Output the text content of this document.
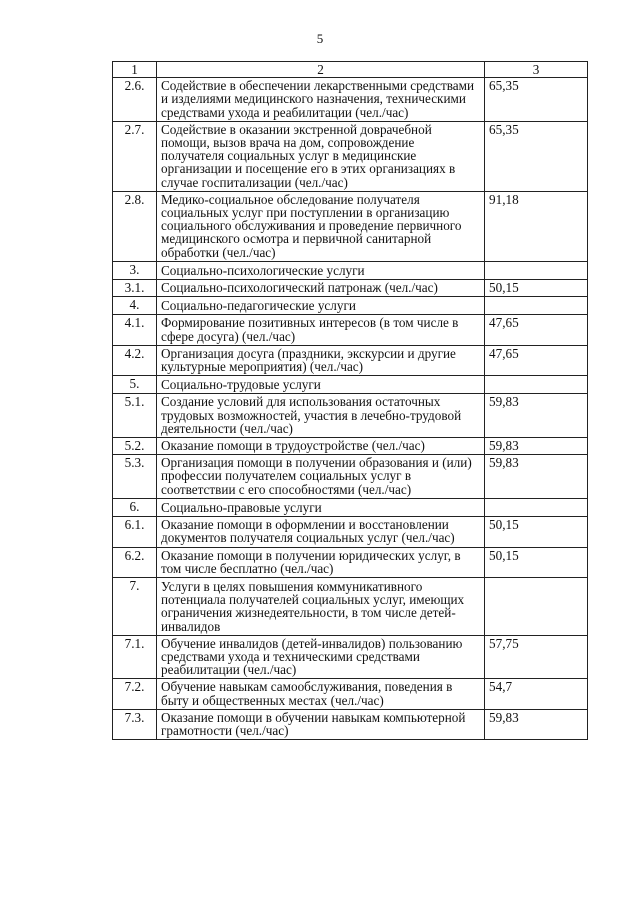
5
1	2	3
2.6.	Содействие в обеспечении лекарственными средствами и изделиями медицинского назначения, техническими средствами ухода и реабилитации (чел./час)	65,35
2.7.	Содействие в оказании экстренной доврачебной помощи, вызов врача на дом, сопровождение получателя социальных услуг в медицинские организации и посещение его в этих организациях в случае госпитализации (чел./час)	65,35
2.8.	Медико-социальное обследование получателя социальных услуг при поступлении в организацию социального обслуживания и проведение первичного медицинского осмотра и первичной санитарной обработки (чел./час)	91,18
3.	Социально-психологические услуги	
3.1.	Социально-психологический патронаж (чел./час)	50,15
4.	Социально-педагогические услуги	
4.1.	Формирование позитивных интересов (в том числе в сфере досуга) (чел./час)	47,65
4.2.	Организация досуга (праздники, экскурсии и другие культурные мероприятия) (чел./час)	47,65
5.	Социально-трудовые услуги	
5.1.	Создание условий для использования остаточных трудовых возможностей, участия в лечебно-трудовой деятельности (чел./час)	59,83
5.2.	Оказание помощи в трудоустройстве (чел./час)	59,83
5.3.	Организация помощи в получении образования и (или) профессии получателем социальных услуг в соответствии с его способностями (чел./час)	59,83
6.	Социально-правовые услуги	
6.1.	Оказание помощи в оформлении и восстановлении документов получателя социальных услуг (чел./час)	50,15
6.2.	Оказание помощи в получении юридических услуг, в том числе бесплатно (чел./час)	50,15
7.	Услуги в целях повышения коммуникативного потенциала получателей социальных услуг, имеющих ограничения жизнедеятельности, в том числе детей-инвалидов	
7.1.	Обучение инвалидов (детей-инвалидов) пользованию средствами ухода и техническими средствами реабилитации (чел./час)	57,75
7.2.	Обучение навыкам самообслуживания, поведения в быту и общественных местах (чел./час)	54,7
7.3.	Оказание помощи в обучении навыкам компьютерной грамотности (чел./час)	59,83
